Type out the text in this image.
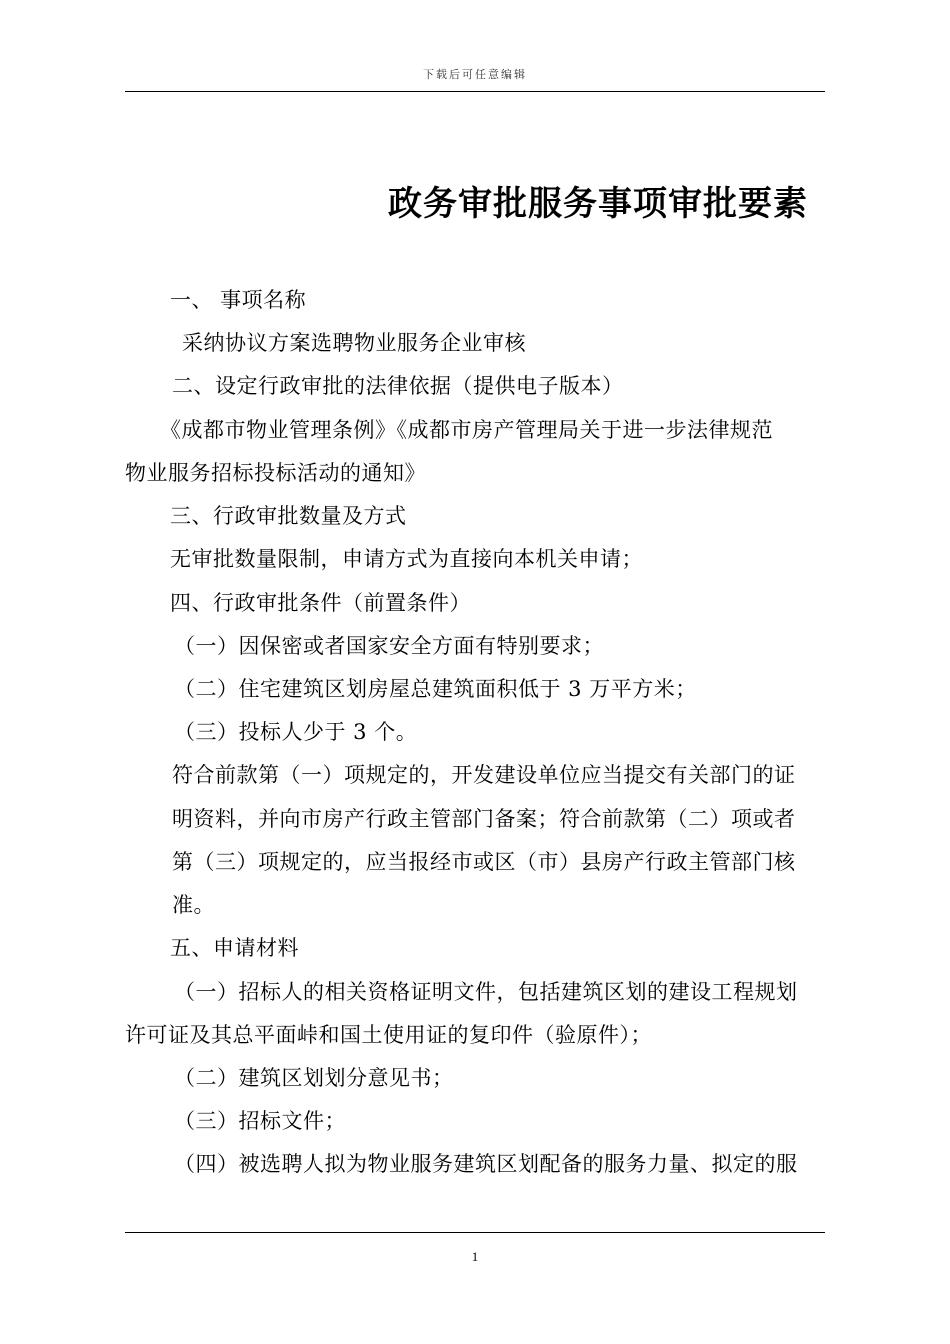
下载后可任意编辑
政务审批服务事项审批要素
一、 事项名称
采纳协议方案选聘物业服务企业审核
二、设定行政审批的法律依据（提供电子版本）
《成都市物业管理条例》《成都市房产管理局关于进一步法律规范
物业服务招标投标活动的通知》
三、行政审批数量及方式
无审批数量限制，申请方式为直接向本机关申请；
四、行政审批条件（前置条件）
（一）因保密或者国家安全方面有特别要求；
（二）住宅建筑区划房屋总建筑面积低于 3 万平方米；
（三）投标人少于 3 个。
符合前款第（一）项规定的，开发建设单位应当提交有关部门的证
明资料，并向市房产行政主管部门备案；符合前款第（二）项或者
第（三）项规定的，应当报经市或区（市）县房产行政主管部门核
准。
五、申请材料
（一）招标人的相关资格证明文件，包括建筑区划的建设工程规划
许可证及其总平面峠和国土使用证的复印件（验原件）；
（二）建筑区划划分意见书；
（三）招标文件；
（四）被选聘人拟为物业服务建筑区划配备的服务力量、拟定的服
1
